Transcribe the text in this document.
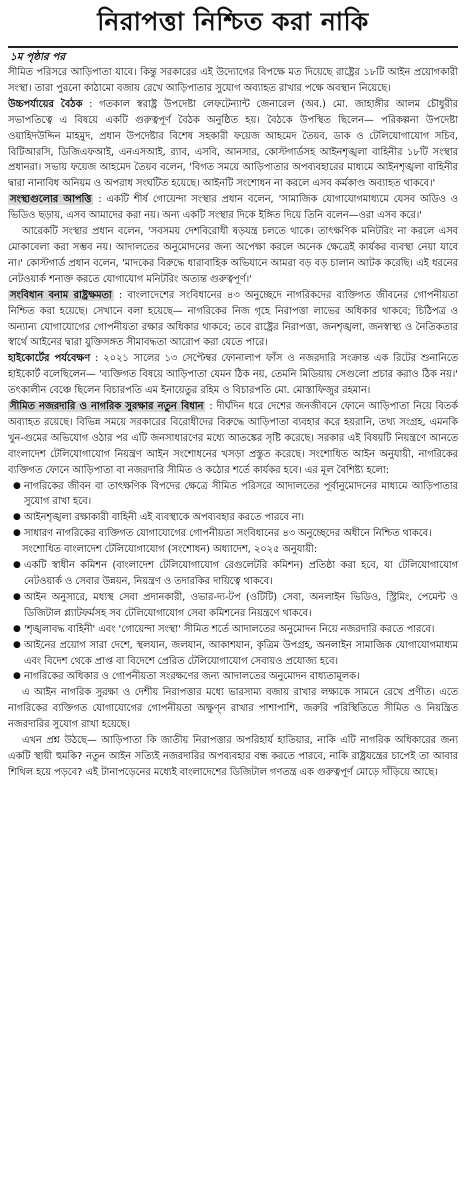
নিরাপত্তা নিশ্চিত করা নাকি
১ম পৃষ্ঠার পর

সীমিত পরিসরে আড়িপাতা যাবে। কিন্তু সরকারের এই উদ্যোগের বিপক্ষে মত দিয়েছে রাষ্ট্রের ১৮টি আইন প্রয়োগকারী সংস্থা। তারা পুরনো কাঠামো বজায় রেখে আড়িপাতার সুযোগ অব্যাহত রাখার পক্ষে অবস্থান নিয়েছে।

উচ্চপর্যায়ের বৈঠক : গতকাল স্বরাষ্ট্র উপদেষ্টা লেফটেন্যান্ট জেনারেল (অব.) মো. জাহাঙ্গীর আলম চৌধুরীর সভাপতিত্বে এ বিষয়ে একটি গুরুত্বপূর্ণ বৈঠক অনুষ্ঠিত হয়। বৈঠকে উপস্থিত ছিলেন— পরিকল্পনা উপদেষ্টা ওয়াহিদউদ্দিন মাহমুদ, প্রধান উপদেষ্টার বিশেষ সহকারী ফয়েজ আহমেদ তৈয়ব, ডাক ও টেলিযোগাযোগ সচিব, বিটিআরসি, ডিজিএফআই, এনএসআই, র‍্যাব, এসবি, আনসার, কোস্টগার্ডসহ আইনশৃঙ্খলা বাহিনীর ১৮টি সংস্থার প্রধানরা। সভায় ফয়েজ আহমেদ তৈয়ব বলেন, 'বিগত সময়ে আড়িপাতার অপব্যবহারের মাধ্যমে আইনশৃঙ্খলা বাহিনীর দ্বারা নানাবিধ অনিয়ম ও অপরাধ সংঘটিত হয়েছে। আইনটি সংশোধন না করলে এসব কর্মকাণ্ড অব্যাহত থাকবে।'

সংস্থাগুলোর আপত্তি : একটি শীর্ষ গোয়েন্দা সংস্থার প্রধান বলেন, 'সামাজিক যোগাযোগমাধ্যমে যেসব অডিও ও ভিডিও ছড়ায়, এসব আমাদের করা নয়। অন্য একটি সংস্থার দিকে ইঙ্গিত দিয়ে তিনি বলেন—ওরা এসব করে।'

আরেকটি সংস্থার প্রধান বলেন, 'সবসময় দেশবিরোধী ষড়যন্ত্র চলতে থাকে। তাৎক্ষণিক মনিটরিং না করলে এসব মোকাবেলা করা সম্ভব নয়। আদালতের অনুমোদনের জন্য অপেক্ষা করলে অনেক ক্ষেত্রেই কার্যকর ব্যবস্থা নেয়া যাবে না।' কোস্টগার্ড প্রধান বলেন, 'মাদকের বিরুদ্ধে ধারাবাহিক অভিযানে আমরা বড় বড় চালান আটক করেছি। এই ধরনের নেটওয়ার্ক শনাক্ত করতে যোগাযোগ মনিটরিং অত্যন্ত গুরুত্বপূর্ণ।'

সংবিধান বনাম রাষ্ট্রক্ষমতা : বাংলাদেশের সংবিধানের ৪৩ অনুচ্ছেদে নাগরিকদের ব্যক্তিগত জীবনের গোপনীয়তা নিশ্চিত করা হয়েছে। সেখানে বলা হয়েছে— নাগরিকের নিজ গৃহে নিরাপত্তা লাভের অধিকার থাকবে; চিঠিপত্র ও অন্যান্য যোগাযোগের গোপনীয়তা রক্ষার অধিকার থাকবে; তবে রাষ্ট্রের নিরাপত্তা, জনশৃঙ্খলা, জনস্বাস্থ্য ও নৈতিকতার স্বার্থে আইনের দ্বারা যুক্তিসঙ্গত সীমাবদ্ধতা আরোপ করা যেতে পারে।

হাইকোর্টের পর্যবেক্ষণ : ২০২১ সালের ১৩ সেপ্টেম্বর ফোনালাপ ফাঁস ও নজরদারি সংক্রান্ত এক রিটের শুনানিতে হাইকোর্ট বলেছিলেন— 'ব্যক্তিগত বিষয়ে আড়িপাতা যেমন ঠিক নয়, তেমনি মিডিয়ায় সেগুলো প্রচার করাও ঠিক নয়।' তৎকালীন বেঞ্চে ছিলেন বিচারপতি এম ইনায়েতুর রহিম ও বিচারপতি মো. মোস্তাফিজুর রহমান।

সীমিত নজরদারি ও নাগরিক সুরক্ষার নতুন বিধান : দীর্ঘদিন ধরে দেশের জনজীবনে ফোনে আড়িপাতা নিয়ে বিতর্ক অব্যাহত রয়েছে। বিভিন্ন সময়ে সরকারের বিরোধীদের বিরুদ্ধে আড়িপাতা ব্যবহার করে হয়রানি, তথ্য সংগ্রহ, এমনকি খুন-গুমের অভিযোগ ওঠার পর এটি জনসাধারণের মধ্যে আতঙ্কের সৃষ্টি করেছে। সরকার এই বিষয়টি নিয়ন্ত্রণে আনতে বাংলাদেশ টেলিযোগাযোগ নিয়ন্ত্রণ আইন সংশোধনের খসড়া প্রস্তুত করেছে। সংশোধিত আইন অনুযায়ী, নাগরিকের ব্যক্তিগত ফোনে আড়িপাতা বা নজরদারি সীমিত ও কঠোর শর্তে কার্যকর হবে। এর মূল বৈশিষ্ট্য হলো:

● নাগরিকের জীবন বা তাৎক্ষণিক বিপদের ক্ষেত্রে সীমিত পরিসরে আদালতের পূর্বানুমোদনের মাধ্যমে আড়িপাতার সুযোগ রাখা হবে।
● আইনশৃঙ্খলা রক্ষাকারী বাহিনী এই ব্যবস্থাকে অপব্যবহার করতে পারবে না।
● সাধারণ নাগরিকের ব্যক্তিগত যোগাযোগের গোপনীয়তা সংবিধানের ৪৩ অনুচ্ছেদের অধীনে নিশ্চিত থাকবে।

সংশোধিত বাংলাদেশ টেলিযোগাযোগ (সংশোধন) অধ্যাদেশ, ২০২৫ অনুযায়ী:

● একটি স্বাধীন কমিশন (বাংলাদেশ টেলিযোগাযোগ রেগুলেটরি কমিশন) প্রতিষ্ঠা করা হবে, যা টেলিযোগাযোগ নেটওয়ার্ক ও সেবার উন্নয়ন, নিয়ন্ত্রণ ও তদারকির দায়িত্বে থাকবে।
● আইন অনুসারে, মধ্যস্থ সেবা প্রদানকারী, ওভার-দ্য-টপ (ওটিটি) সেবা, অনলাইন ভিডিও, স্ট্রিমিং, পেমেন্ট ও ডিজিটাল প্ল্যাটফর্মসহ সব টেলিযোগাযোগ সেবা কমিশনের নিয়ন্ত্রণে থাকবে।
● 'শৃঙ্খলাবদ্ধ বাহিনী' এবং 'গোয়েন্দা সংস্থা' সীমিত শর্তে আদালতের অনুমোদন নিয়ে নজরদারি করতে পারবে।
● আইনের প্রয়োগ সারা দেশে, স্থলযান, জলযান, আকাশযান, কৃত্রিম উপগ্রহ, অনলাইন সামাজিক যোগাযোগমাধ্যম এবং বিদেশ থেকে প্রাপ্ত বা বিদেশে প্রেরিত টেলিযোগাযোগ সেবায়ও প্রযোজ্য হবে।
● নাগরিকের অধিকার ও গোপনীয়তা সংরক্ষণের জন্য আদালতের অনুমোদন বাধ্যতামূলক।

এ আইন নাগরিক সুরক্ষা ও দেশীয় নিরাপত্তার মধ্যে ভারসাম্য বজায় রাখার লক্ষ্যকে সামনে রেখে প্রণীত। এতে নাগরিকের ব্যক্তিগত যোগাযোগের গোপনীয়তা অক্ষুণ্ন রাখার পাশাপাশি, জরুরি পরিস্থিতিতে সীমিত ও নিয়ন্ত্রিত নজরদারির সুযোগ রাখা হয়েছে।

এখন প্রশ্ন উঠছে— আড়িপাতা কি জাতীয় নিরাপত্তার অপরিহার্য হাতিয়ার, নাকি এটি নাগরিক অধিকারের জন্য একটি স্থায়ী হুমকি? নতুন আইন সত্যিই নজরদারির অপব্যবহার বন্ধ করতে পারবে, নাকি রাষ্ট্রযন্ত্রের চাপেই তা আবার শিথিল হয়ে পড়বে? এই টানাপড়েনের মধ্যেই বাংলাদেশের ডিজিটাল গণতন্ত্র এক গুরুত্বপূর্ণ মোড়ে দাঁড়িয়ে আছে।
